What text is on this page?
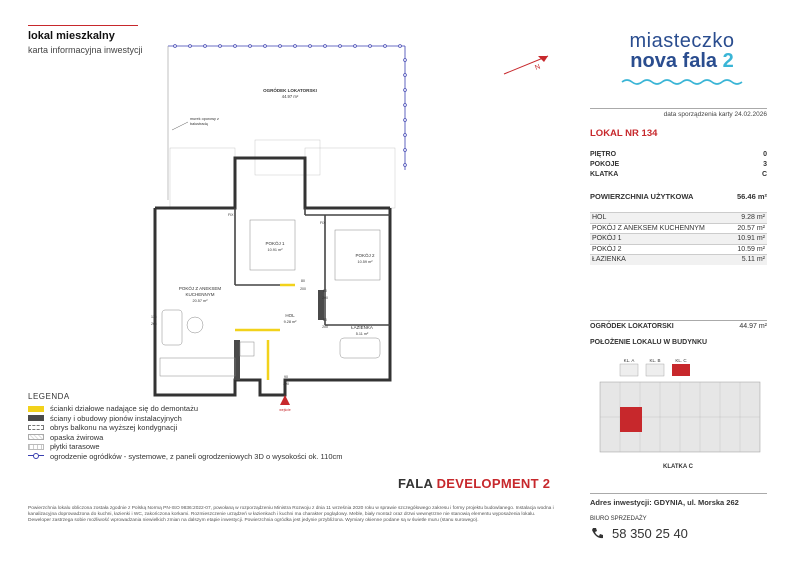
lokal mieszkalny
karta informacyjna inwestycji
OGRÓDEK LOKATORSKI
44.97 m²
murek oporowy z
balustradą
POKÓJ 1
10.91 m²
POKÓJ 2
10.59 m²
POKÓJ Z ANEKSEM
KUCHENNYM
20.57 m²
HOL
9.28 m²
ŁAZIENKA
5.11 m²
80
200	80
200
80
200
90
200
135
206
FIX
FIX
wejście
N
LEGENDA
ścianki działowe nadające się do demontażu
ściany i obudowy pionów instalacyjnych
obrys balkonu na wyższej kondygnacji
opaska żwirowa
płytki tarasowe
ogrodzenie ogródków - systemowe, z paneli ogrodzeniowych 3D o wysokości ok. 110cm
FALA DEVELOPMENT 2
Powierzchnia lokalu obliczona została zgodnie z Polską Normą PN-ISO 9836:2022-07, powołaną w rozporządzeniu Ministra Rozwoju z dnia 11 września 2020 roku w sprawie szczegółowego zakresu i formy projektu budowlanego. Instalacja wodna i kanalizacyjna doprowadzona do kuchni, łazienki i WC, zakończona korkami. Rozmieszczenie urządzeń w łazienkach i kuchni ma charakter poglądowy. Meble, biały montaż oraz drzwi wewnętrzne nie stanowią elementu wyposażenia lokalu. Deweloper zastrzega sobie możliwość wprowadzania niewielkich zmian na dalszym etapie inwestycji. Powierzchnia ogródka jest jedynie przybliżona. Wymiary okienne podane są w świetle muru (stanu surowego).
miasteczko
nova fala 2
data sporządzenia karty 24.02.2026
LOKAL NR 134
PIĘTRO	0
POKOJE	3
KLATKA	C
POWIERZCHNIA UŻYTKOWA	56.46 m²
HOL	9.28 m²
POKÓJ Z ANEKSEM KUCHENNYM	20.57 m²
POKÓJ 1	10.91 m²
POKÓJ 2	10.59 m²
ŁAZIENKA	5.11 m²
OGRÓDEK LOKATORSKI	44.97 m²
POŁOŻENIE LOKALU W BUDYNKU
KL. A	KL. B	KL. C
KLATKA C
Adres inwestycji: GDYNIA, ul. Morska 262
BIURO SPRZEDAŻY
58 350 25 40
